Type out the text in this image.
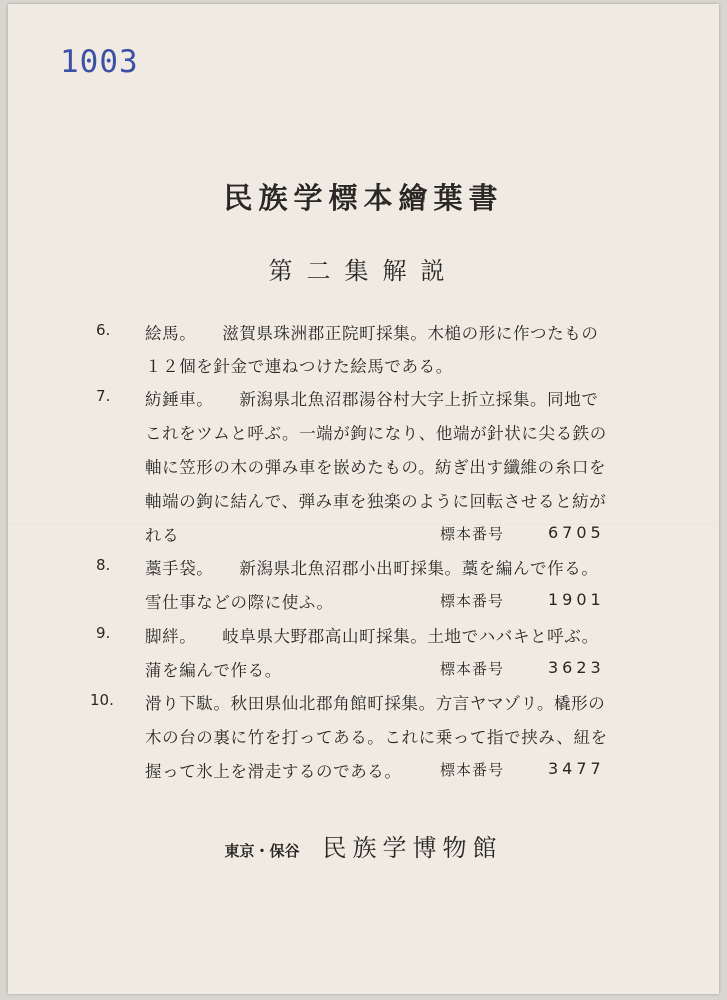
1003
民族学標本繪葉書
第二集解説
6.	絵馬。　　滋賀県珠洲郡正院町採集。木槌の形に作つたもの
１２個を針金で連ねつけた絵馬である。
7.	紡錘車。　　新潟県北魚沼郡湯谷村大字上折立採集。同地で
これをツムと呼ぶ。一端が鉤になり、他端が針状に尖る鉄の
軸に笠形の木の弾み車を嵌めたもの。紡ぎ出す纖維の糸口を
軸端の鉤に結んで、弾み車を独楽のように回転させると紡が
れる	標本番号	6705
8.	藁手袋。　　新潟県北魚沼郡小出町採集。藁を編んで作る。
雪仕事などの際に使ふ。	標本番号	1901
9.	脚絆。　　岐阜県大野郡高山町採集。土地でハバキと呼ぶ。
蒲を編んで作る。	標本番号	3623
10.	滑り下駄。秋田県仙北郡角館町採集。方言ヤマゾリ。橇形の
木の台の裏に竹を打ってある。これに乗って指で挟み、紐を
握って氷上を滑走するのである。	標本番号	3477
東京・保谷 民族学博物館
